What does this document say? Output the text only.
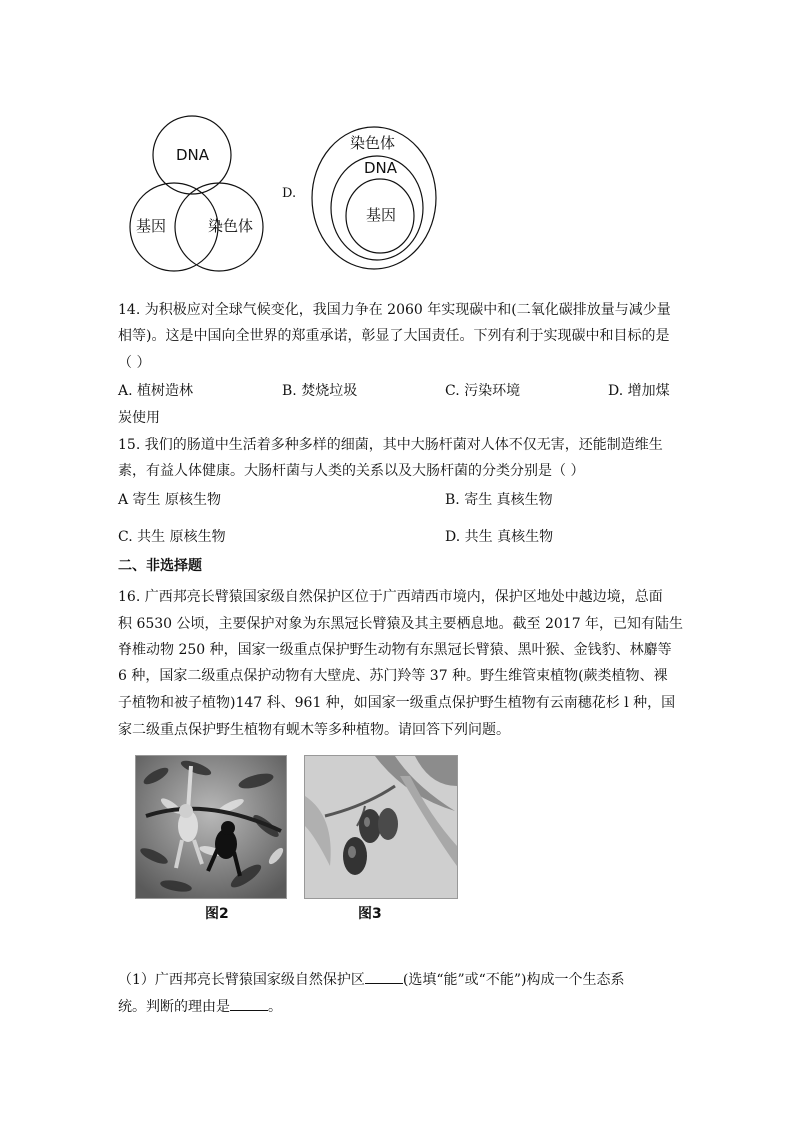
DNA
基因	染色体
D.
染色体
DNA
基因
14. 为积极应对全球气候变化，我国力争在 2060 年实现碳中和(二氧化碳排放量与减少量
相等)。这是中国向全世界的郑重承诺，彰显了大国责任。下列有利于实现碳中和目标的是
（ ）
A. 植树造林	B. 焚烧垃圾	C. 污染环境	D. 增加煤
炭使用
15. 我们的肠道中生活着多种多样的细菌，其中大肠杆菌对人体不仅无害，还能制造维生
素，有益人体健康。大肠杆菌与人类的关系以及大肠杆菌的分类分别是（ ）
A 寄生 原核生物	B. 寄生 真核生物
C. 共生 原核生物	D. 共生 真核生物
二、非选择题
16. 广西邦亮长臂猿国家级自然保护区位于广西靖西市境内，保护区地处中越边境，总面
积 6530 公顷，主要保护对象为东黑冠长臂猿及其主要栖息地。截至 2017 年，已知有陆生
脊椎动物 250 种，国家一级重点保护野生动物有东黑冠长臂猿、黑叶猴、金钱豹、林麝等
6 种，国家二级重点保护动物有大壁虎、苏门羚等 37 种。野生维管束植物(蕨类植物、裸
子植物和被子植物)147 科、961 种，如国家一级重点保护野生植物有云南穗花杉 l 种，国
家二级重点保护野生植物有蚬木等多种植物。请回答下列问题。
图2	图3
（1）广西邦亮长臂猿国家级自然保护区	(选填“能”或“不能”)构成一个生态系
统。判断的理由是	。
